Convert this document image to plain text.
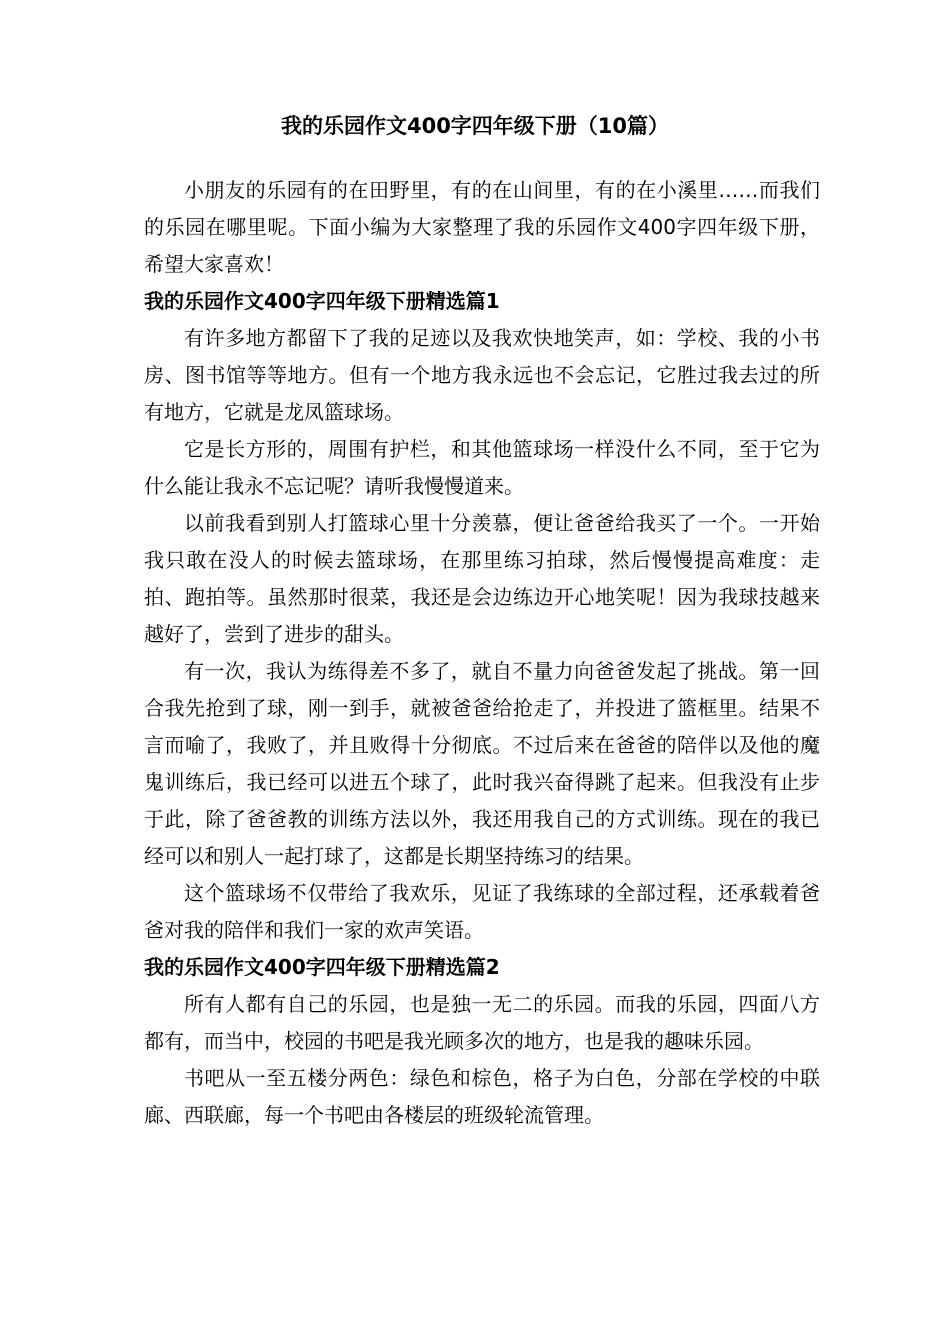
我的乐园作文400字四年级下册（10篇）

小朋友的乐园有的在田野里，有的在山间里，有的在小溪里……而我们的乐园在哪里呢。下面小编为大家整理了我的乐园作文400字四年级下册，希望大家喜欢！

我的乐园作文400字四年级下册精选篇1

有许多地方都留下了我的足迹以及我欢快地笑声，如：学校、我的小书房、图书馆等等地方。但有一个地方我永远也不会忘记，它胜过我去过的所有地方，它就是龙凤篮球场。

它是长方形的，周围有护栏，和其他篮球场一样没什么不同，至于它为什么能让我永不忘记呢？请听我慢慢道来。

以前我看到别人打篮球心里十分羡慕，便让爸爸给我买了一个。一开始我只敢在没人的时候去篮球场，在那里练习拍球，然后慢慢提高难度：走拍、跑拍等。虽然那时很菜，我还是会边练边开心地笑呢！因为我球技越来越好了，尝到了进步的甜头。

有一次，我认为练得差不多了，就自不量力向爸爸发起了挑战。第一回合我先抢到了球，刚一到手，就被爸爸给抢走了，并投进了篮框里。结果不言而喻了，我败了，并且败得十分彻底。不过后来在爸爸的陪伴以及他的魔鬼训练后，我已经可以进五个球了，此时我兴奋得跳了起来。但我没有止步于此，除了爸爸教的训练方法以外，我还用我自己的方式训练。现在的我已经可以和别人一起打球了，这都是长期坚持练习的结果。

这个篮球场不仅带给了我欢乐，见证了我练球的全部过程，还承载着爸爸对我的陪伴和我们一家的欢声笑语。

我的乐园作文400字四年级下册精选篇2

所有人都有自己的乐园，也是独一无二的乐园。而我的乐园，四面八方都有，而当中，校园的书吧是我光顾多次的地方，也是我的趣味乐园。

书吧从一至五楼分两色：绿色和棕色，格子为白色，分部在学校的中联廊、西联廊，每一个书吧由各楼层的班级轮流管理。
